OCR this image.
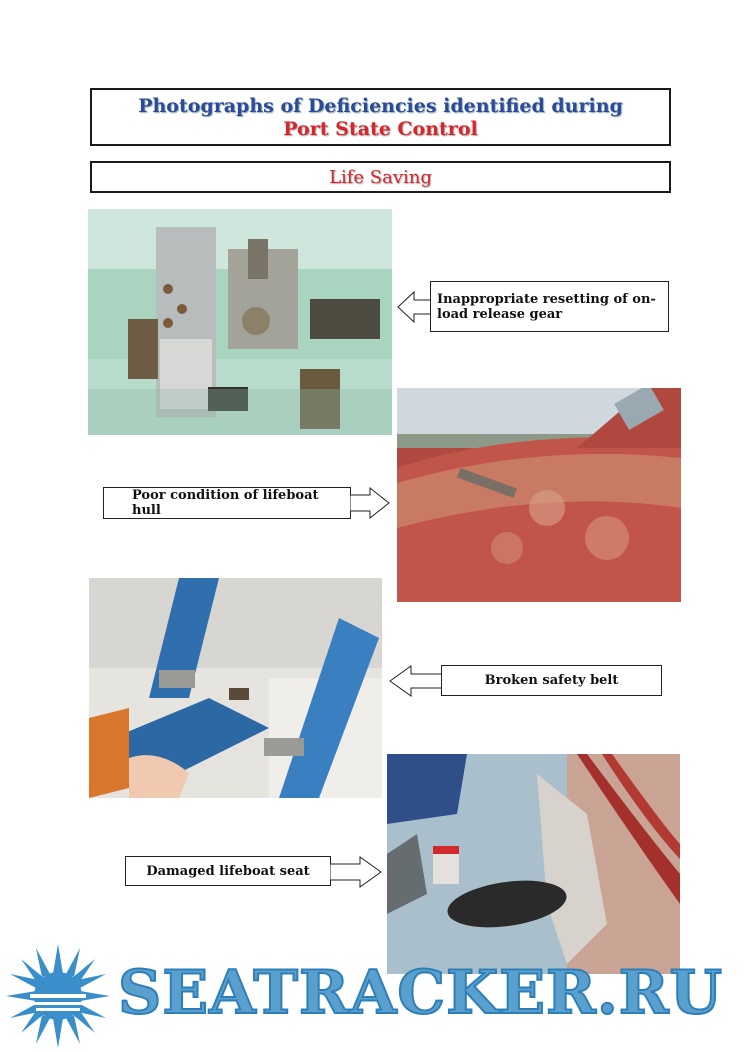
Photographs of Deficiencies identified during
Port State Control
Life Saving
Inappropriate resetting of on-load release gear
Poor condition of lifeboat hull
Broken safety belt
Damaged lifeboat seat
SEATRACKER.RU
